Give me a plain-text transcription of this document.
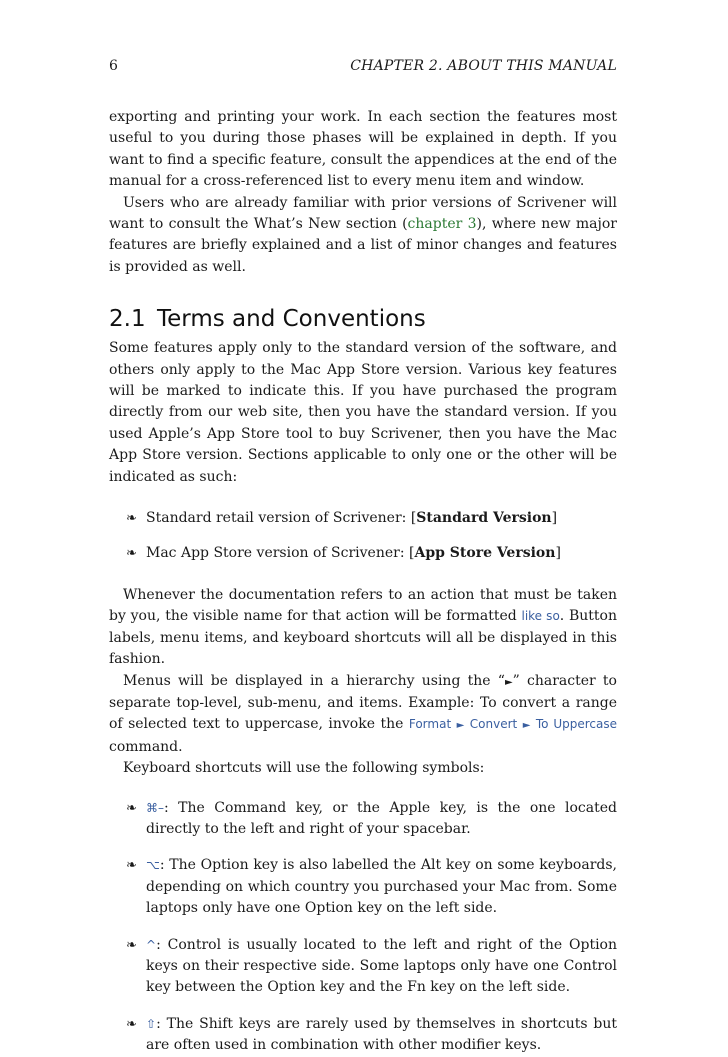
6	CHAPTER 2. ABOUT THIS MANUAL

exporting and printing your work. In each section the features most useful to you during those phases will be explained in depth. If you want to find a specific feature, consult the appendices at the end of the manual for a cross-referenced list to every menu item and window.

Users who are already familiar with prior versions of Scrivener will want to consult the What’s New section (chapter 3), where new major features are briefly explained and a list of minor changes and features is provided as well.

2.1 Terms and Conventions

Some features apply only to the standard version of the software, and others only apply to the Mac App Store version. Various key features will be marked to indicate this. If you have purchased the program directly from our web site, then you have the standard version. If you used Apple’s App Store tool to buy Scrivener, then you have the Mac App Store version. Sections applicable to only one or the other will be indicated as such:

❧ Standard retail version of Scrivener: [Standard Version]
❧ Mac App Store version of Scrivener: [App Store Version]

Whenever the documentation refers to an action that must be taken by you, the visible name for that action will be formatted like so. Button labels, menu items, and keyboard shortcuts will all be displayed in this fashion.

Menus will be displayed in a hierarchy using the “►” character to separate top-level, sub-menu, and items. Example: To convert a range of selected text to uppercase, invoke the Format ► Convert ► To Uppercase command.

Keyboard shortcuts will use the following symbols:

❧ ⌘–: The Command key, or the Apple key, is the one located directly to the left and right of your spacebar.
❧ ⌥: The Option key is also labelled the Alt key on some keyboards, depending on which country you purchased your Mac from. Some laptops only have one Option key on the left side.
❧ ^: Control is usually located to the left and right of the Option keys on their respective side. Some laptops only have one Control key between the Option key and the Fn key on the left side.
❧ ⇧: The Shift keys are rarely used by themselves in shortcuts but are often used in combination with other modifier keys.
